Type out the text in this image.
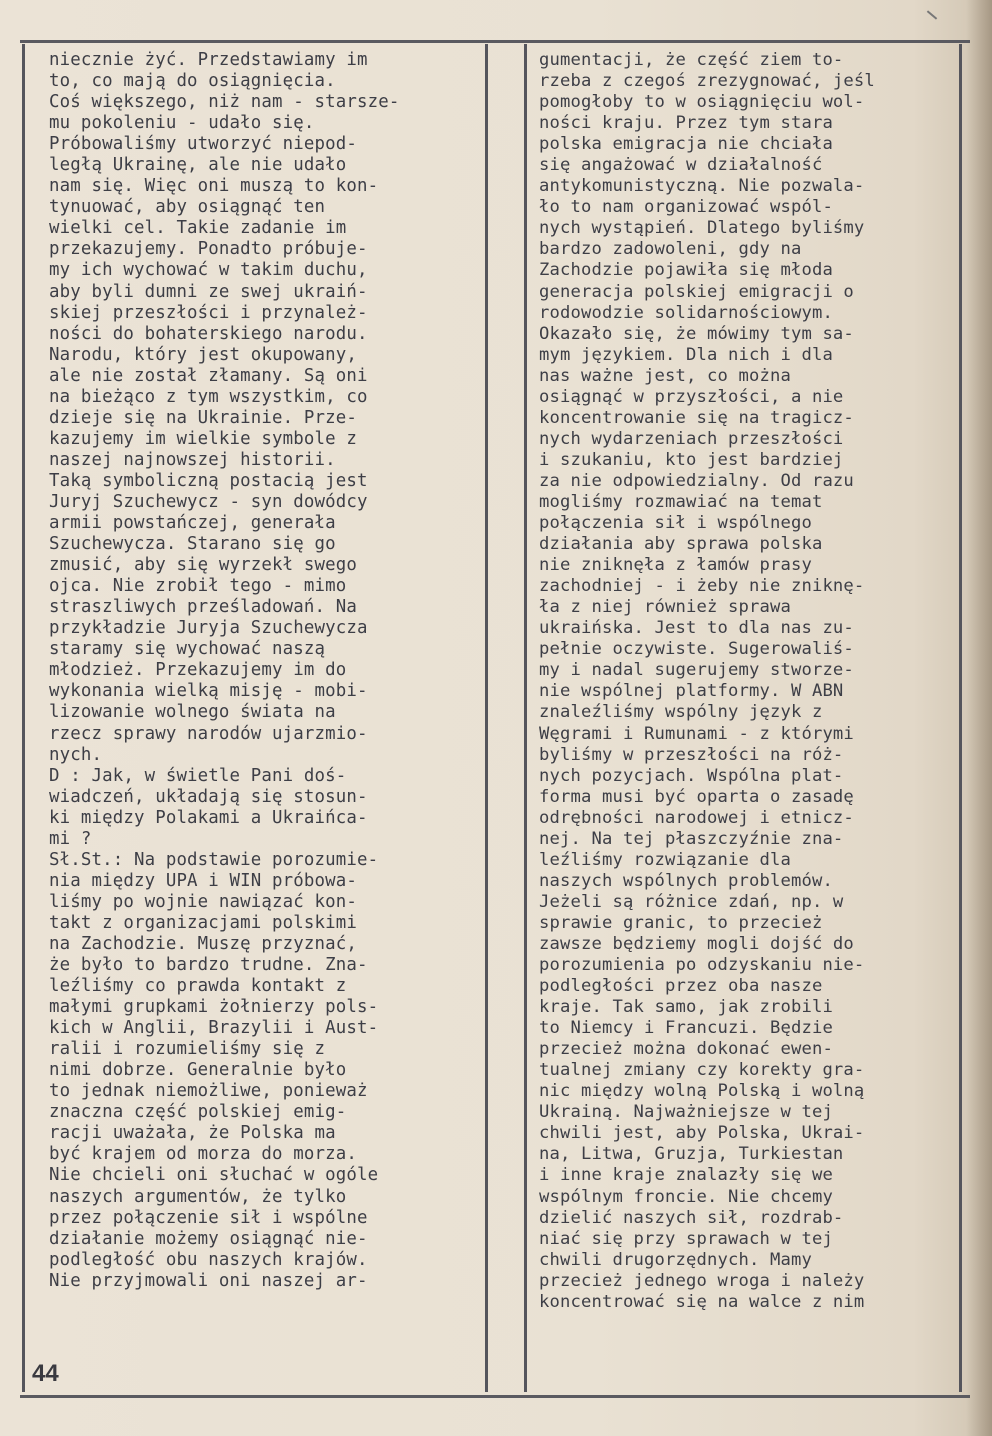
niecznie żyć. Przedstawiamy im
to, co mają do osiągnięcia.
Coś większego, niż nam - starsze-
mu pokoleniu - udało się.
Próbowaliśmy utworzyć niepod-
ległą Ukrainę, ale nie udało
nam się. Więc oni muszą to kon-
tynuować, aby osiągnąć ten
wielki cel. Takie zadanie im
przekazujemy. Ponadto próbuje-
my ich wychować w takim duchu,
aby byli dumni ze swej ukraiń-
skiej przeszłości i przynależ-
ności do bohaterskiego narodu.
Narodu, który jest okupowany,
ale nie został złamany. Są oni
na bieżąco z tym wszystkim, co
dzieje się na Ukrainie. Prze-
kazujemy im wielkie symbole z
naszej najnowszej historii.
Taką symboliczną postacią jest
Juryj Szuchewycz - syn dowódcy
armii powstańczej, generała
Szuchewycza. Starano się go
zmusić, aby się wyrzekł swego
ojca. Nie zrobił tego - mimo
straszliwych prześladowań. Na
przykładzie Juryja Szuchewycza
staramy się wychować naszą
młodzież. Przekazujemy im do
wykonania wielką misję - mobi-
lizowanie wolnego świata na
rzecz sprawy narodów ujarzmio-
nych.
D : Jak, w świetle Pani doś-
wiadczeń, układają się stosun-
ki między Polakami a Ukraińca-
mi ?
Sł.St.: Na podstawie porozumie-
nia między UPA i WIN próbowa-
liśmy po wojnie nawiązać kon-
takt z organizacjami polskimi
na Zachodzie. Muszę przyznać,
że było to bardzo trudne. Zna-
leźliśmy co prawda kontakt z
małymi grupkami żołnierzy pols-
kich w Anglii, Brazylii i Aust-
ralii i rozumieliśmy się z
nimi dobrze. Generalnie było
to jednak niemożliwe, ponieważ
znaczna część polskiej emig-
racji uważała, że Polska ma
być krajem od morza do morza.
Nie chcieli oni słuchać w ogóle
naszych argumentów, że tylko
przez połączenie sił i wspólne
działanie możemy osiągnąć nie-
podległość obu naszych krajów.
Nie przyjmowali oni naszej ar-
gumentacji, że część ziem to-
rzeba z czegoś zrezygnować, jeśl
pomogłoby to w osiągnięciu wol-
ności kraju. Przez tym stara
polska emigracja nie chciała
się angażować w działalność
antykomunistyczną. Nie pozwala-
ło to nam organizować wspól-
nych wystąpień. Dlatego byliśmy
bardzo zadowoleni, gdy na
Zachodzie pojawiła się młoda
generacja polskiej emigracji o
rodowodzie solidarnościowym.
Okazało się, że mówimy tym sa-
mym językiem. Dla nich i dla
nas ważne jest, co można
osiągnąć w przyszłości, a nie
koncentrowanie się na tragicz-
nych wydarzeniach przeszłości
i szukaniu, kto jest bardziej
za nie odpowiedzialny. Od razu
mogliśmy rozmawiać na temat
połączenia sił i wspólnego
działania aby sprawa polska
nie zniknęła z łamów prasy
zachodniej - i żeby nie zniknę-
ła z niej również sprawa
ukraińska. Jest to dla nas zu-
pełnie oczywiste. Sugerowaliś-
my i nadal sugerujemy stworze-
nie wspólnej platformy. W ABN
znaleźliśmy wspólny język z
Węgrami i Rumunami - z którymi
byliśmy w przeszłości na róż-
nych pozycjach. Wspólna plat-
forma musi być oparta o zasadę
odrębności narodowej i etnicz-
nej. Na tej płaszczyźnie zna-
leźliśmy rozwiązanie dla
naszych wspólnych problemów.
Jeżeli są różnice zdań, np. w
sprawie granic, to przecież
zawsze będziemy mogli dojść do
porozumienia po odzyskaniu nie-
podległości przez oba nasze
kraje. Tak samo, jak zrobili
to Niemcy i Francuzi. Będzie
przecież można dokonać ewen-
tualnej zmiany czy korekty gra-
nic między wolną Polską i wolną
Ukrainą. Najważniejsze w tej
chwili jest, aby Polska, Ukrai-
na, Litwa, Gruzja, Turkiestan
i inne kraje znalazły się we
wspólnym froncie. Nie chcemy
dzielić naszych sił, rozdrab-
niać się przy sprawach w tej
chwili drugorzędnych. Mamy
przecież jednego wroga i należy
koncentrować się na walce z nim
44
